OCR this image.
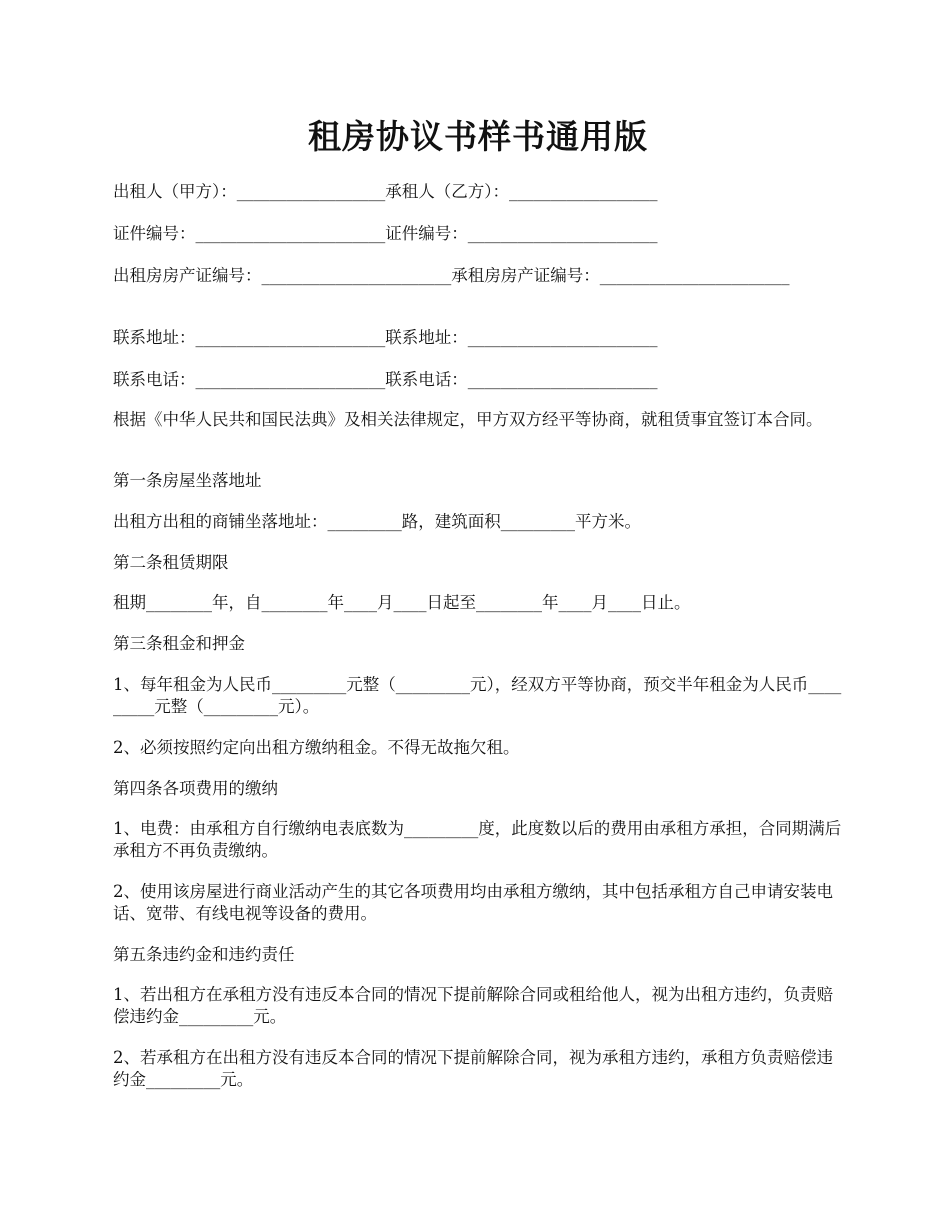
租房协议书样书通用版

出租人（甲方）：__________________承租人（乙方）：__________________

证件编号：_______________________证件编号：_______________________

出租房房产证编号：_______________________承租房房产证编号：_______________________

联系地址：_______________________联系地址：_______________________

联系电话：_______________________联系电话：_______________________

根据《中华人民共和国民法典》及相关法律规定，甲方双方经平等协商，就租赁事宜签订本合同。

第一条房屋坐落地址

出租方出租的商铺坐落地址：_________路，建筑面积_________平方米。

第二条租赁期限

租期________年，自________年____月____日起至________年____月____日止。

第三条租金和押金

1、每年租金为人民币_________元整（_________元），经双方平等协商，预交半年租金为人民币_________元整（_________元）。

2、必须按照约定向出租方缴纳租金。不得无故拖欠租。

第四条各项费用的缴纳

1、电费：由承租方自行缴纳电表底数为_________度，此度数以后的费用由承租方承担，合同期满后承租方不再负责缴纳。

2、使用该房屋进行商业活动产生的其它各项费用均由承租方缴纳，其中包括承租方自己申请安装电话、宽带、有线电视等设备的费用。

第五条违约金和违约责任

1、若出租方在承租方没有违反本合同的情况下提前解除合同或租给他人，视为出租方违约，负责赔偿违约金_________元。

2、若承租方在出租方没有违反本合同的情况下提前解除合同，视为承租方违约，承租方负责赔偿违约金_________元。
